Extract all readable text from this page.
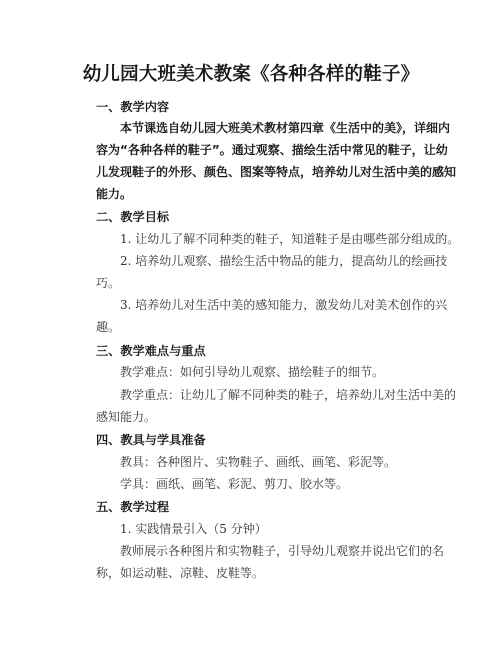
幼儿园大班美术教案《各种各样的鞋子》
一、教学内容
本节课选自幼儿园大班美术教材第四章《生活中的美》，详细内
容为“各种各样的鞋子”。通过观察、描绘生活中常见的鞋子，让幼
儿发现鞋子的外形、颜色、图案等特点，培养幼儿对生活中美的感知
能力。
二、教学目标
1. 让幼儿了解不同种类的鞋子，知道鞋子是由哪些部分组成的。
2. 培养幼儿观察、描绘生活中物品的能力，提高幼儿的绘画技
巧。
3. 培养幼儿对生活中美的感知能力，激发幼儿对美术创作的兴
趣。
三、教学难点与重点
教学难点：如何引导幼儿观察、描绘鞋子的细节。
教学重点：让幼儿了解不同种类的鞋子，培养幼儿对生活中美的
感知能力。
四、教具与学具准备
教具：各种图片、实物鞋子、画纸、画笔、彩泥等。
学具：画纸、画笔、彩泥、剪刀、胶水等。
五、教学过程
1. 实践情景引入（5 分钟）
教师展示各种图片和实物鞋子，引导幼儿观察并说出它们的名
称，如运动鞋、凉鞋、皮鞋等。
